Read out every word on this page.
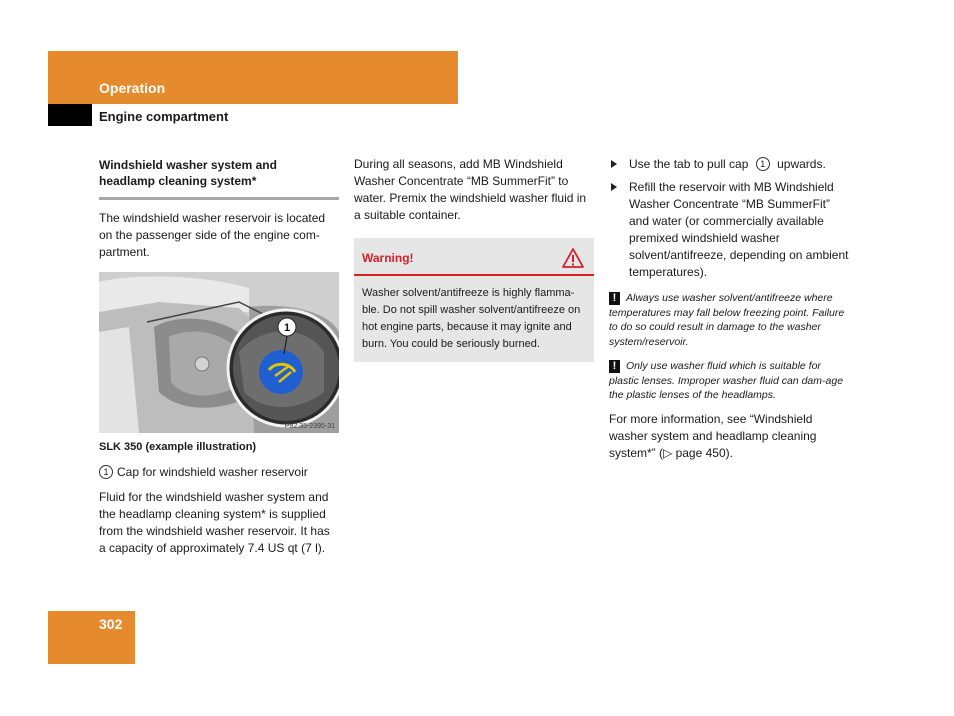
Operation
Engine compartment
Windshield washer system and
headlamp cleaning system*

The windshield washer reservoir is located on the passenger side of the engine com-partment.

1
P82.35-2395-31
SLK 350 (example illustration)

1 Cap for windshield washer reservoir

Fluid for the windshield washer system and the headlamp cleaning system* is supplied from the windshield washer reservoir. It has a capacity of approximately 7.4 US qt (7 l).

During all seasons, add MB Windshield Washer Concentrate “MB SummerFit” to water. Premix the windshield washer fluid in a suitable container.

Warning!
Washer solvent/antifreeze is highly flamma-ble. Do not spill washer solvent/antifreeze on hot engine parts, because it may ignite and burn. You could be seriously burned.
Use the tab to pull cap 1 upwards.
Refill the reservoir with MB Windshield Washer Concentrate “MB SummerFit” and water (or commercially available premixed windshield washer solvent/antifreeze, depending on ambient temperatures).

! Always use washer solvent/antifreeze where temperatures may fall below freezing point. Failure to do so could result in damage to the washer system/reservoir.

! Only use washer fluid which is suitable for plastic lenses. Improper washer fluid can dam-age the plastic lenses of the headlamps.

For more information, see “Windshield washer system and headlamp cleaning system*” (▷ page 450).

302
